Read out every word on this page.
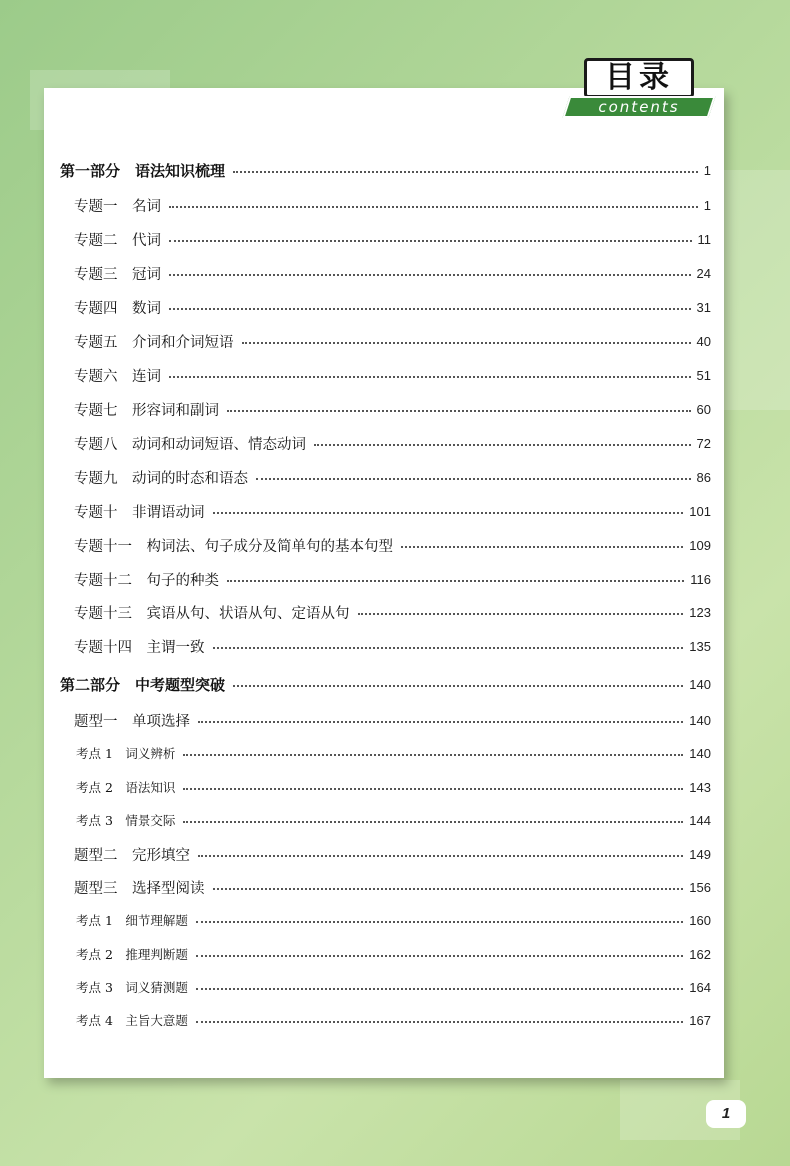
目录
contents
第一部分　语法知识梳理	1
专题一　名词	1
专题二　代词	11
专题三　冠词	24
专题四　数词	31
专题五　介词和介词短语	40
专题六　连词	51
专题七　形容词和副词	60
专题八　动词和动词短语、情态动词	72
专题九　动词的时态和语态	86
专题十　非谓语动词	101
专题十一　构词法、句子成分及简单句的基本句型	109
专题十二　句子的种类	116
专题十三　宾语从句、状语从句、定语从句	123
专题十四　主谓一致	135
第二部分　中考题型突破	140
题型一　单项选择	140
考点 1　词义辨析	140
考点 2　语法知识	143
考点 3　情景交际	144
题型二　完形填空	149
题型三　选择型阅读	156
考点 1　细节理解题	160
考点 2　推理判断题	162
考点 3　词义猜测题	164
考点 4　主旨大意题	167
1
